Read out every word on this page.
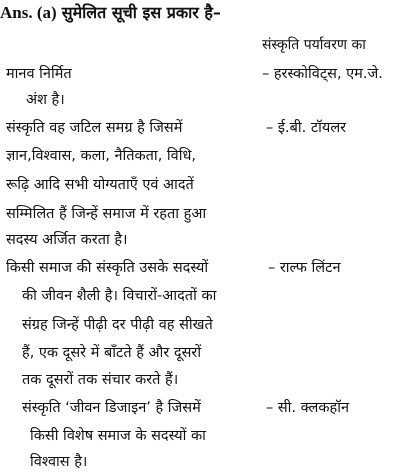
Ans. (a) सुमेलित सूची इस प्रकार है–
संस्कृति पर्यावरण का
मानव निर्मित
अंश है।
– हरस्कोविट्स, एम.जे.
संस्कृति वह जटिल समग्र है जिसमें
ज्ञान,विश्वास, कला, नैतिकता, विधि,
रूढ़ि आदि सभी योग्यताएँ एवं आदतें
सम्मिलित हैं जिन्हें समाज में रहता हुआ
सदस्य अर्जित करता है।
– ई.बी. टॉयलर
किसी समाज की संस्कृति उसके सदस्यों
की जीवन शैली है। विचारों-आदतों का
संग्रह जिन्हें पीढ़ी दर पीढ़ी वह सीखते
हैं, एक दूसरे में बाँटते हैं और दूसरों
तक दूसरों तक संचार करते हैं।
– राल्फ लिंटन
संस्कृति ‘जीवन डिजाइन’ है जिसमें
किसी विशेष समाज के सदस्यों का
विश्वास है।
– सी. क्लकहॉन
